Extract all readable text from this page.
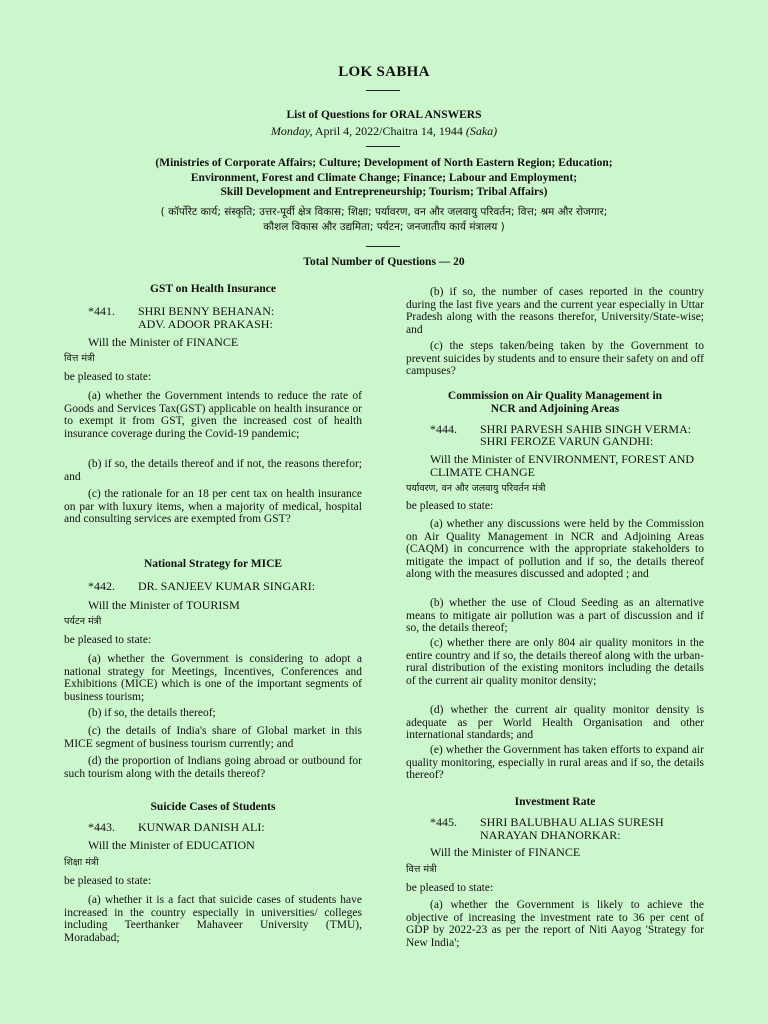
LOK SABHA
List of Questions for ORAL ANSWERS
Monday, April 4, 2022/Chaitra 14, 1944 (Saka)
(Ministries of Corporate Affairs; Culture; Development of North Eastern Region; Education;
Environment, Forest and Climate Change; Finance; Labour and Employment;
Skill Development and Entrepreneurship; Tourism; Tribal Affairs)
( कॉर्पोरेट कार्य; संस्कृति; उत्तर-पूर्वी क्षेत्र विकास; शिक्षा; पर्यावरण, वन और जलवायु परिवर्तन; वित्त; श्रम और रोजगार;
कौशल विकास और उद्यमिता; पर्यटन; जनजातीय कार्य मंत्रालय )
Total Number of Questions — 20
GST on Health Insurance
*441. SHRI BENNY BEHANAN:
ADV. ADOOR PRAKASH:
Will the Minister of FINANCE
वित्त मंत्री
be pleased to state:
(a) whether the Government intends to reduce the rate of Goods and Services Tax(GST) applicable on health insurance or to exempt it from GST, given the increased cost of health insurance coverage during the Covid-19 pandemic;
(b) if so, the details thereof and if not, the reasons therefor; and
(c) the rationale for an 18 per cent tax on health insurance on par with luxury items, when a majority of medical, hospital and consulting services are exempted from GST?
National Strategy for MICE
*442. DR. SANJEEV KUMAR SINGARI:
Will the Minister of TOURISM
पर्यटन मंत्री
be pleased to state:
(a) whether the Government is considering to adopt a national strategy for Meetings, Incentives, Conferences and Exhibitions (MICE) which is one of the important segments of business tourism;
(b) if so, the details thereof;
(c) the details of India's share of Global market in this MICE segment of business tourism currently; and
(d) the proportion of Indians going abroad or outbound for such tourism along with the details thereof?
Suicide Cases of Students
*443. KUNWAR DANISH ALI:
Will the Minister of EDUCATION
शिक्षा मंत्री
be pleased to state:
(a) whether it is a fact that suicide cases of students have increased in the country especially in universities/ colleges including Teerthanker Mahaveer University (TMU), Moradabad;
(b) if so, the number of cases reported in the country during the last five years and the current year especially in Uttar Pradesh along with the reasons therefor, University/State-wise; and
(c) the steps taken/being taken by the Government to prevent suicides by students and to ensure their safety on and off campuses?
Commission on Air Quality Management in
NCR and Adjoining Areas
*444. SHRI PARVESH SAHIB SINGH VERMA:
SHRI FEROZE VARUN GANDHI:
Will the Minister of ENVIRONMENT, FOREST AND CLIMATE CHANGE
पर्यावरण, वन और जलवायु परिवर्तन मंत्री
be pleased to state:
(a) whether any discussions were held by the Commission on Air Quality Management in NCR and Adjoining Areas (CAQM) in concurrence with the appropriate stakeholders to mitigate the impact of pollution and if so, the details thereof along with the measures discussed and adopted ; and
(b) whether the use of Cloud Seeding as an alternative means to mitigate air pollution was a part of discussion and if so, the details thereof;
(c) whether there are only 804 air quality monitors in the entire country and if so, the details thereof along with the urban- rural distribution of the existing monitors including the details of the current air quality monitor density;
(d) whether the current air quality monitor density is adequate as per World Health Organisation and other international standards; and
(e) whether the Government has taken efforts to expand air quality monitoring, especially in rural areas and if so, the details thereof?
Investment Rate
*445. SHRI BALUBHAU ALIAS SURESH
NARAYAN DHANORKAR:
Will the Minister of FINANCE
वित्त मंत्री
be pleased to state:
(a) whether the Government is likely to achieve the objective of increasing the investment rate to 36 per cent of GDP by 2022-23 as per the report of Niti Aayog 'Strategy for New India';
